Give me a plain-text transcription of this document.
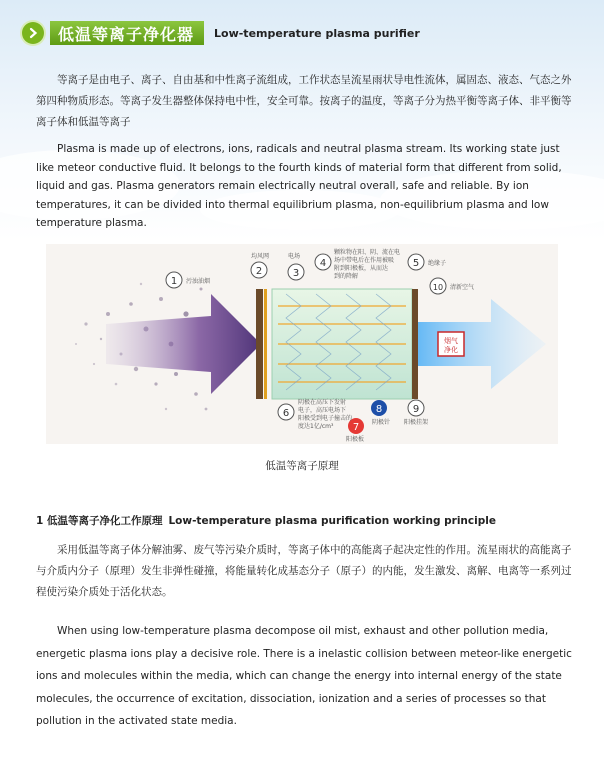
低温等离子净化器	Low-temperature plasma purifier

等离子是由电子、离子、自由基和中性离子流组成，工作状态呈流星雨状导电性流体，属固态、液态、气态之外第四种物质形态。等离子发生器整体保持电中性，安全可靠。按离子的温度，等离子分为热平衡等离子体、非平衡等离子体和低温等离子

Plasma is made up of electrons, ions, radicals and neutral plasma stream. Its working state just like meteor conductive fluid. It belongs to the fourth kinds of material form that different from solid, liquid and gas. Plasma generators remain electrically neutral overall, safe and reliable. By ion temperatures, it can be divided into thermal equilibrium plasma, non-equilibrium plasma and low temperature plasma.

烟气
净化
1
2	3
4	5
10
6
7
8	9
污浊油烟
均风网	电场
颗粒物在阳、阴、流在电
场中带电后在作用被吸
附到阳极板，从而达
到的降解
绝缘子
清新空气
阴极在高压下发射
电子，高压电场下
阳极受到电子撞击的
度达1亿/cm³
阳极板
阴极针 阳极挂架
低温等离子原理
1 低温等离子净化工作原理 Low-temperature plasma purification working principle

采用低温等离子体分解油雾、废气等污染介质时，等离子体中的高能离子起决定性的作用。流星雨状的高能离子与介质内分子（原理）发生非弹性碰撞，将能量转化成基态分子（原子）的内能，发生激发、离解、电离等一系列过程使污染介质处于活化状态。

When using low-temperature plasma decompose oil mist, exhaust and other pollution media, energetic plasma ions play a decisive role. There is a inelastic collision between meteor-like energetic ions and molecules within the media, which can change the energy into internal energy of the state molecules, the occurrence of excitation, dissociation, ionization and a series of processes so that pollution in the activated state media.
